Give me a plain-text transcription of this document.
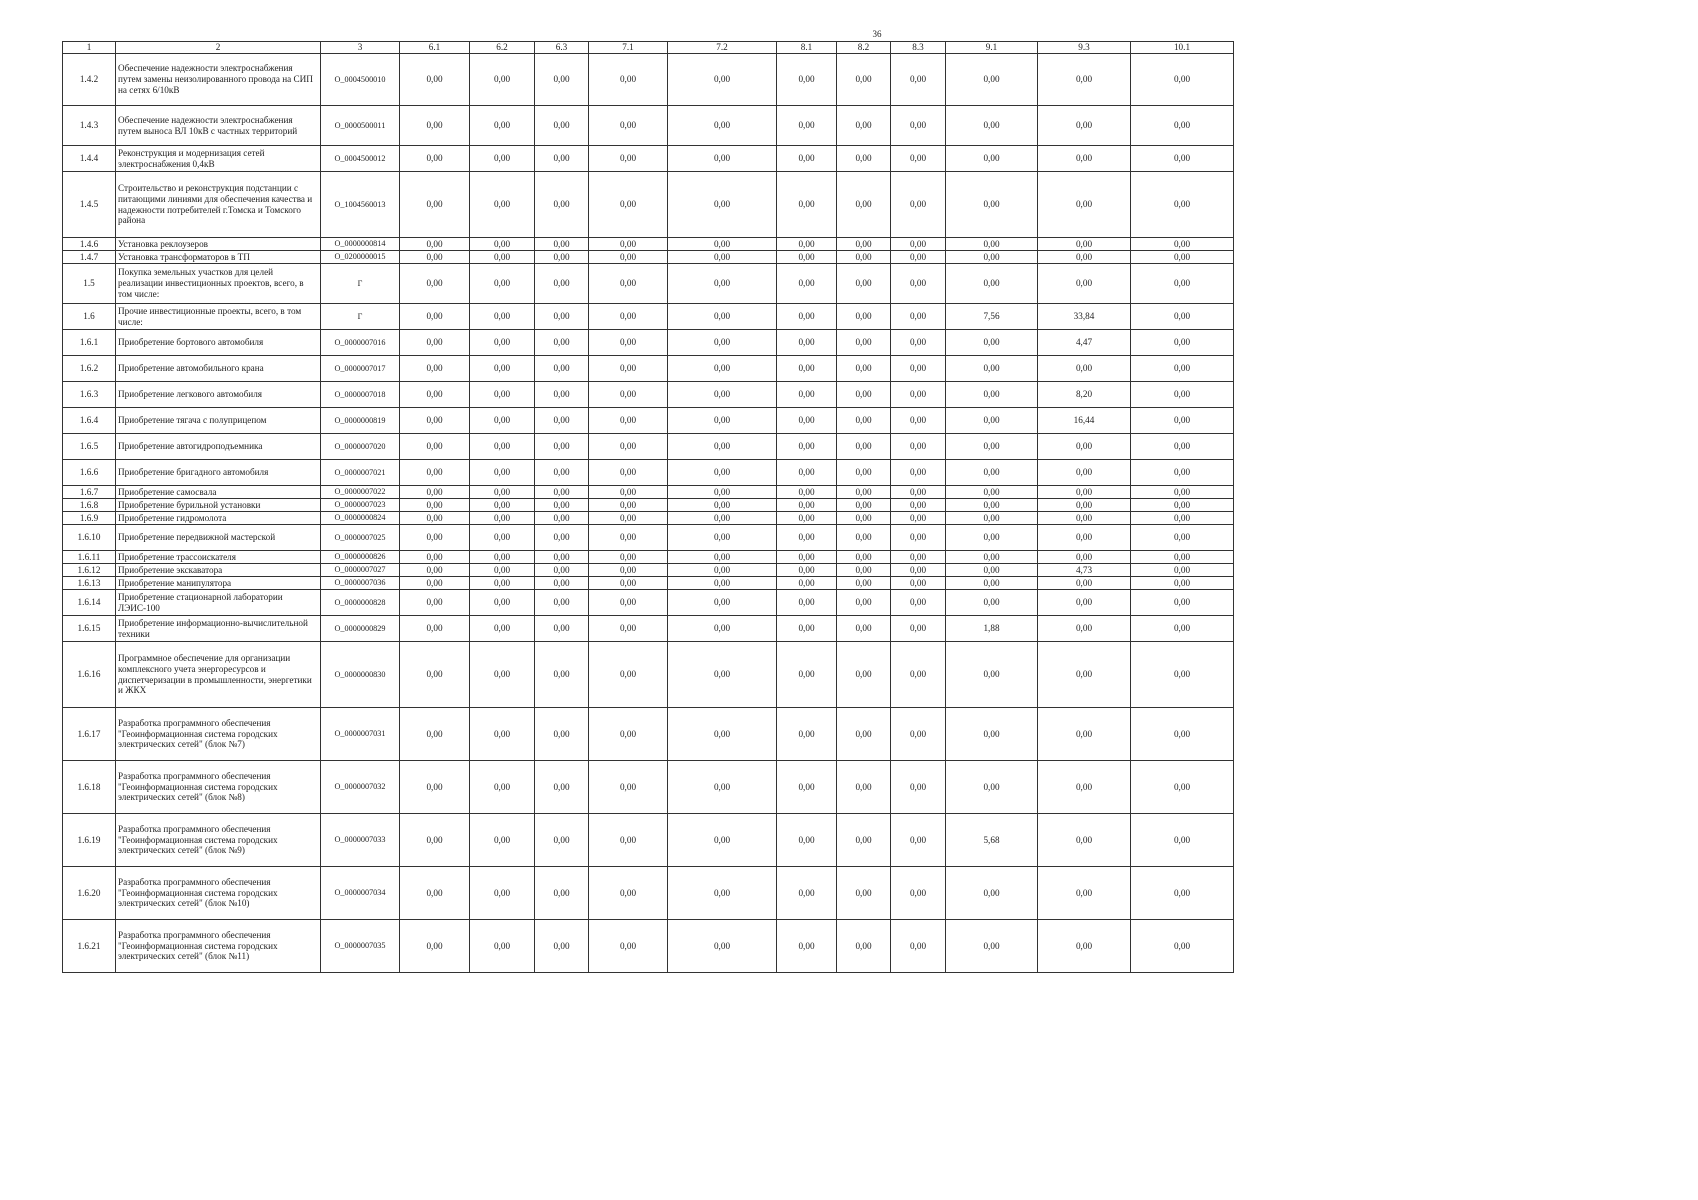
36
1	2	3	6.1	6.2	6.3	7.1	7.2	8.1	8.2	8.3	9.1	9.3	10.1
1.4.2	Обеспечение надежности электроснабжения путем замены неизолированного провода на СИП на сетях 6/10кВ	O_0004500010	0,00	0,00	0,00	0,00	0,00	0,00	0,00	0,00	0,00	0,00	0,00
1.4.3	Обеспечение надежности электроснабжения путем выноса ВЛ 10кВ с частных территорий	O_0000500011	0,00	0,00	0,00	0,00	0,00	0,00	0,00	0,00	0,00	0,00	0,00
1.4.4	Реконструкция и модернизация сетей электроснабжения 0,4кВ	O_0004500012	0,00	0,00	0,00	0,00	0,00	0,00	0,00	0,00	0,00	0,00	0,00
1.4.5	Строительство и реконструкция подстанции с питающими линиями для обеспечения качества и надежности потребителей г.Томска и Томского района	O_1004560013	0,00	0,00	0,00	0,00	0,00	0,00	0,00	0,00	0,00	0,00	0,00
1.4.6	Установка реклоузеров	O_0000000814	0,00	0,00	0,00	0,00	0,00	0,00	0,00	0,00	0,00	0,00	0,00
1.4.7	Установка трансформаторов в ТП	O_0200000015	0,00	0,00	0,00	0,00	0,00	0,00	0,00	0,00	0,00	0,00	0,00
1.5	Покупка земельных участков для целей реализации инвестиционных проектов, всего, в том числе:	Г	0,00	0,00	0,00	0,00	0,00	0,00	0,00	0,00	0,00	0,00	0,00
1.6	Прочие инвестиционные проекты, всего, в том числе:	Г	0,00	0,00	0,00	0,00	0,00	0,00	0,00	0,00	7,56	33,84	0,00
1.6.1	Приобретение бортового автомобиля	O_0000007016	0,00	0,00	0,00	0,00	0,00	0,00	0,00	0,00	0,00	4,47	0,00
1.6.2	Приобретение автомобильного крана	O_0000007017	0,00	0,00	0,00	0,00	0,00	0,00	0,00	0,00	0,00	0,00	0,00
1.6.3	Приобретение легкового автомобиля	O_0000007018	0,00	0,00	0,00	0,00	0,00	0,00	0,00	0,00	0,00	8,20	0,00
1.6.4	Приобретение тягача с полуприцепом	O_0000000819	0,00	0,00	0,00	0,00	0,00	0,00	0,00	0,00	0,00	16,44	0,00
1.6.5	Приобретение автогидроподъемника	O_0000007020	0,00	0,00	0,00	0,00	0,00	0,00	0,00	0,00	0,00	0,00	0,00
1.6.6	Приобретение бригадного автомобиля	O_0000007021	0,00	0,00	0,00	0,00	0,00	0,00	0,00	0,00	0,00	0,00	0,00
1.6.7	Приобретение самосвала	O_0000007022	0,00	0,00	0,00	0,00	0,00	0,00	0,00	0,00	0,00	0,00	0,00
1.6.8	Приобретение бурильной установки	O_0000007023	0,00	0,00	0,00	0,00	0,00	0,00	0,00	0,00	0,00	0,00	0,00
1.6.9	Приобретение гидромолота	O_0000000824	0,00	0,00	0,00	0,00	0,00	0,00	0,00	0,00	0,00	0,00	0,00
1.6.10	Приобретение передвижной мастерской	O_0000007025	0,00	0,00	0,00	0,00	0,00	0,00	0,00	0,00	0,00	0,00	0,00
1.6.11	Приобретение трассоискателя	O_0000000826	0,00	0,00	0,00	0,00	0,00	0,00	0,00	0,00	0,00	0,00	0,00
1.6.12	Приобретение экскаватора	O_0000007027	0,00	0,00	0,00	0,00	0,00	0,00	0,00	0,00	0,00	4,73	0,00
1.6.13	Приобретение манипулятора	O_0000007036	0,00	0,00	0,00	0,00	0,00	0,00	0,00	0,00	0,00	0,00	0,00
1.6.14	Приобретение стационарной лаборатории ЛЭИС-100	O_0000000828	0,00	0,00	0,00	0,00	0,00	0,00	0,00	0,00	0,00	0,00	0,00
1.6.15	Приобретение информационно-вычислительной техники	O_0000000829	0,00	0,00	0,00	0,00	0,00	0,00	0,00	0,00	1,88	0,00	0,00
1.6.16	Программное обеспечение для организации комплексного учета энергоресурсов и диспетчеризации в промышленности, энергетики и ЖКХ	O_0000000830	0,00	0,00	0,00	0,00	0,00	0,00	0,00	0,00	0,00	0,00	0,00
1.6.17	Разработка программного обеспечения "Геоинформационная система городских электрических сетей" (блок №7)	O_0000007031	0,00	0,00	0,00	0,00	0,00	0,00	0,00	0,00	0,00	0,00	0,00
1.6.18	Разработка программного обеспечения "Геоинформационная система городских электрических сетей" (блок №8)	O_0000007032	0,00	0,00	0,00	0,00	0,00	0,00	0,00	0,00	0,00	0,00	0,00
1.6.19	Разработка программного обеспечения "Геоинформационная система городских электрических сетей" (блок №9)	O_0000007033	0,00	0,00	0,00	0,00	0,00	0,00	0,00	0,00	5,68	0,00	0,00
1.6.20	Разработка программного обеспечения "Геоинформационная система городских электрических сетей" (блок №10)	O_0000007034	0,00	0,00	0,00	0,00	0,00	0,00	0,00	0,00	0,00	0,00	0,00
1.6.21	Разработка программного обеспечения "Геоинформационная система городских электрических сетей" (блок №11)	O_0000007035	0,00	0,00	0,00	0,00	0,00	0,00	0,00	0,00	0,00	0,00	0,00
